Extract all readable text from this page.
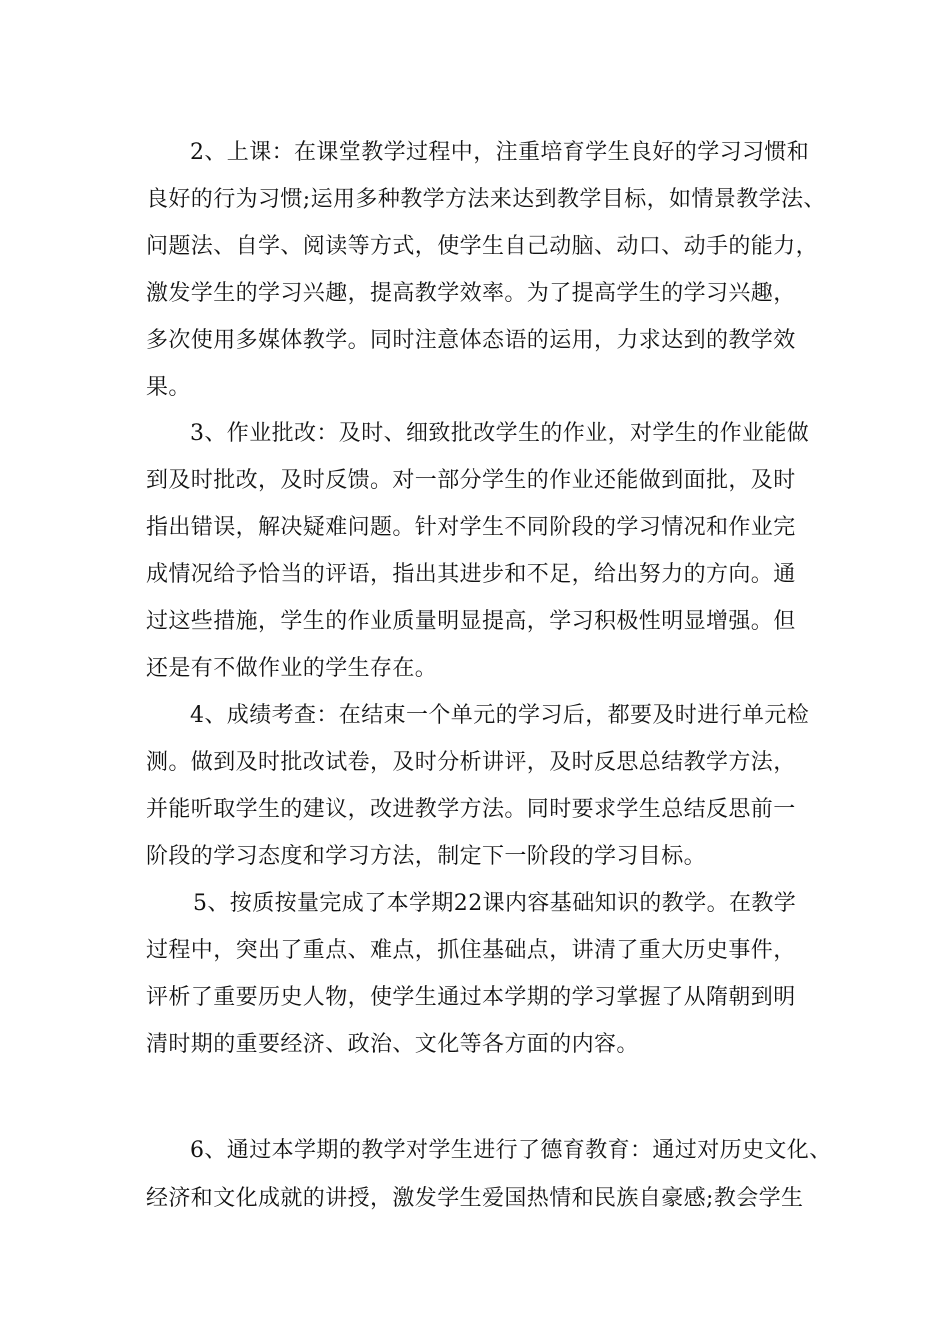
2、上课：在课堂教学过程中，注重培育学生良好的学习习惯和
良好的行为习惯;运用多种教学方法来达到教学目标，如情景教学法、
问题法、自学、阅读等方式，使学生自己动脑、动口、动手的能力，
激发学生的学习兴趣，提高教学效率。为了提高学生的学习兴趣，
多次使用多媒体教学。同时注意体态语的运用，力求达到的教学效
果。
3、作业批改：及时、细致批改学生的作业，对学生的作业能做
到及时批改，及时反馈。对一部分学生的作业还能做到面批，及时
指出错误，解决疑难问题。针对学生不同阶段的学习情况和作业完
成情况给予恰当的评语，指出其进步和不足，给出努力的方向。通
过这些措施，学生的作业质量明显提高，学习积极性明显增强。但
还是有不做作业的学生存在。
4、成绩考查：在结束一个单元的学习后，都要及时进行单元检
测。做到及时批改试卷，及时分析讲评，及时反思总结教学方法，
并能听取学生的建议，改进教学方法。同时要求学生总结反思前一
阶段的学习态度和学习方法，制定下一阶段的学习目标。
5、按质按量完成了本学期22课内容基础知识的教学。在教学
过程中，突出了重点、难点，抓住基础点，讲清了重大历史事件，
评析了重要历史人物，使学生通过本学期的学习掌握了从隋朝到明
清时期的重要经济、政治、文化等各方面的内容。
6、通过本学期的教学对学生进行了德育教育：通过对历史文化、
经济和文化成就的讲授，激发学生爱国热情和民族自豪感;教会学生
